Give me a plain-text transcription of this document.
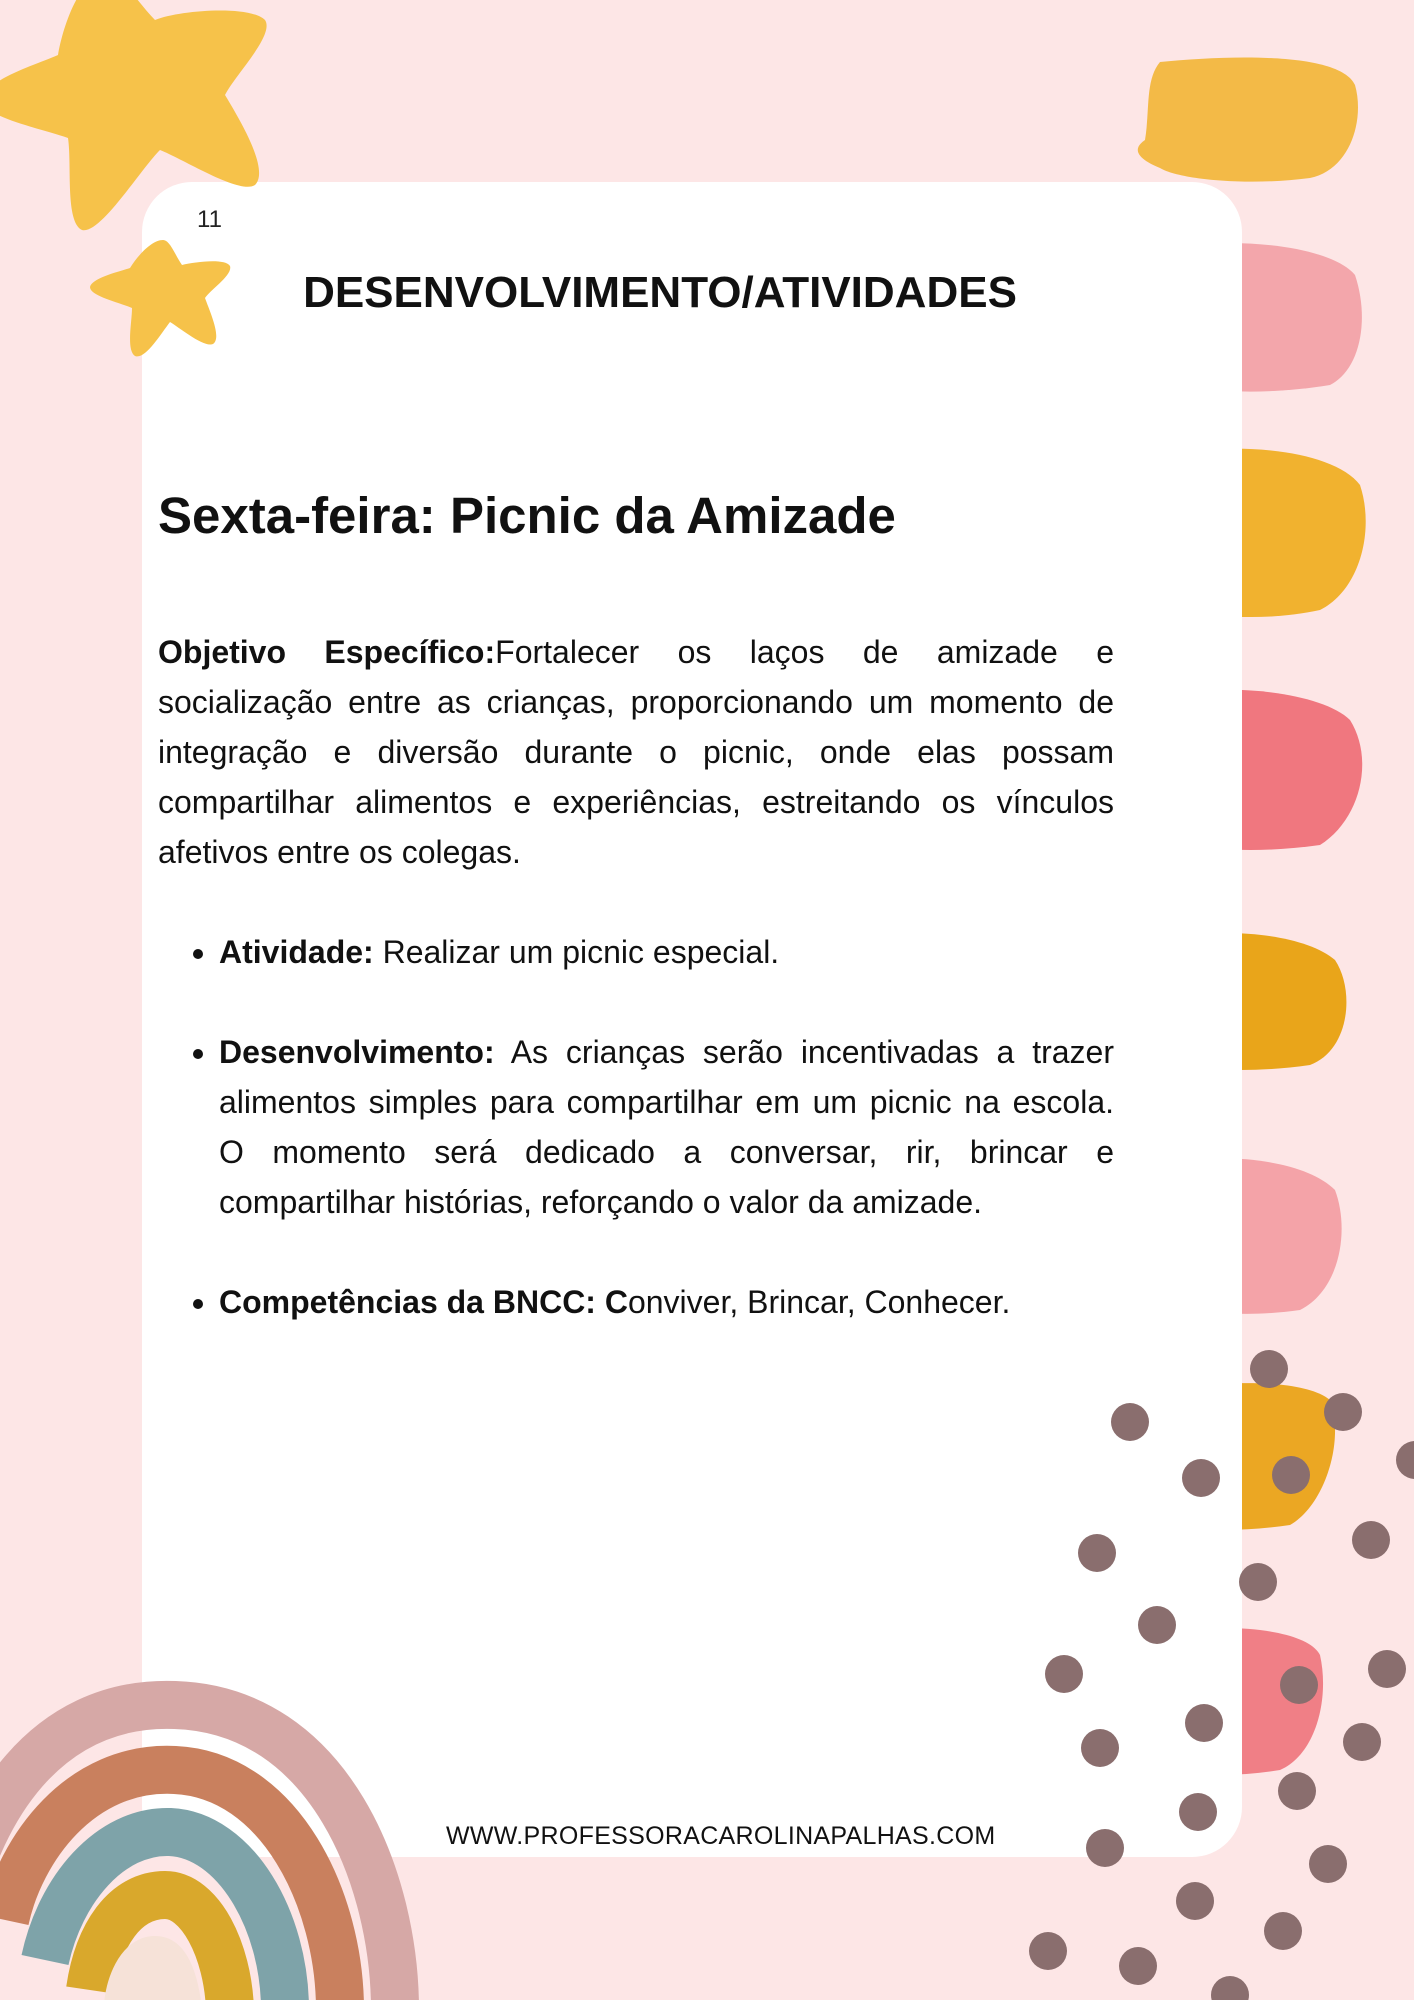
11
DESENVOLVIMENTO/ATIVIDADES
Sexta-feira: Picnic da Amizade

Objetivo Específico:Fortalecer os laços de amizade e socialização entre as crianças, proporcionando um momento de integração e diversão durante o picnic, onde elas possam compartilhar alimentos e experiências, estreitando os vínculos afetivos entre os colegas.

• Atividade: Realizar um picnic especial.
• Desenvolvimento: As crianças serão incentivadas a trazer alimentos simples para compartilhar em um picnic na escola. O momento será dedicado a conversar, rir, brincar e compartilhar histórias, reforçando o valor da amizade.
• Competências da BNCC: Conviver, Brincar, Conhecer.
WWW.PROFESSORACAROLINAPALHAS.COM
